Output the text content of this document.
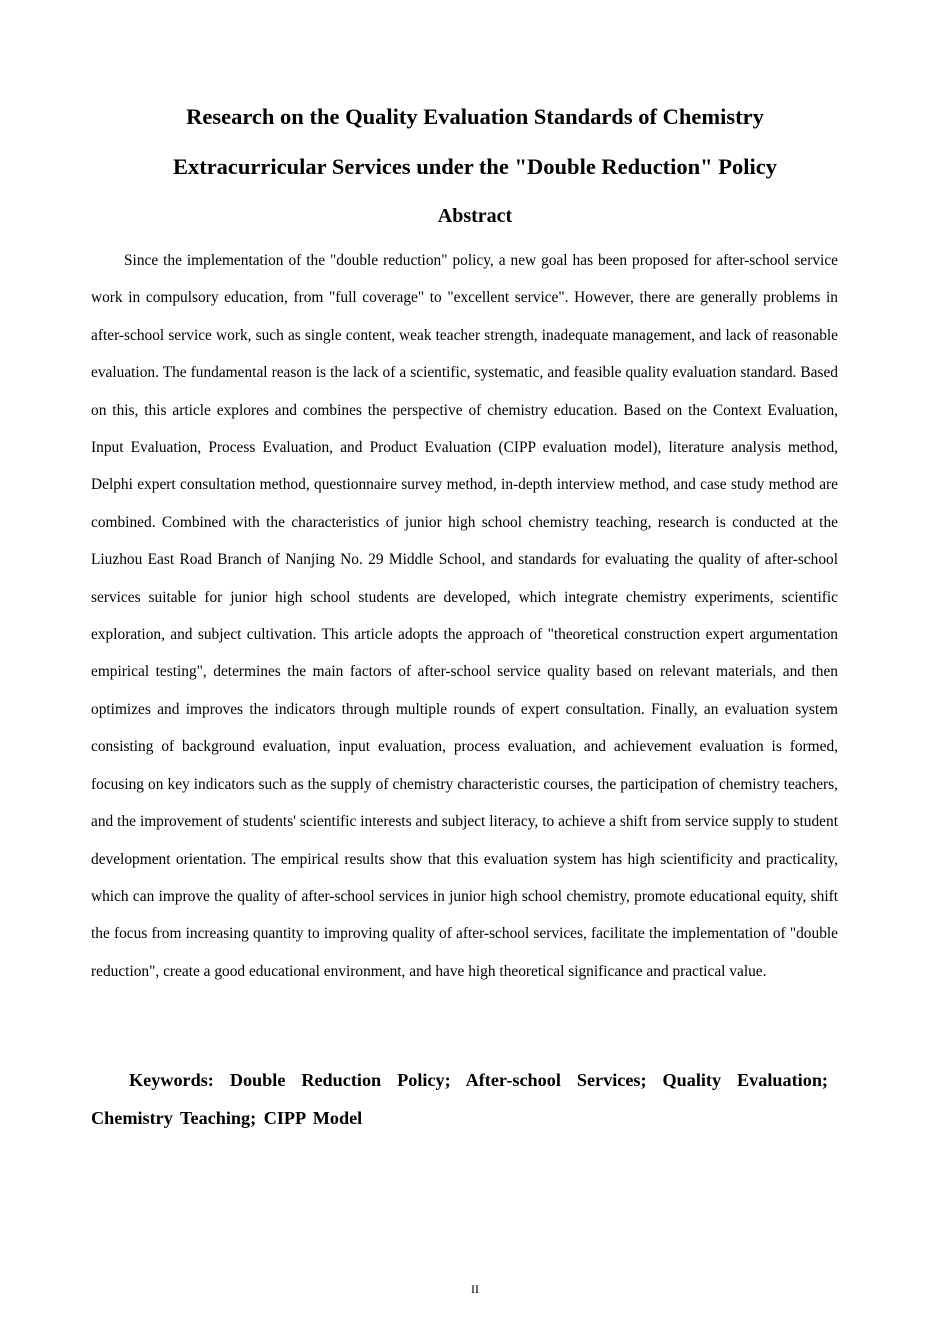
Research on the Quality Evaluation Standards of Chemistry
Extracurricular Services under the "Double Reduction" Policy
Abstract

Since the implementation of the "double reduction" policy, a new goal has been proposed for after-school service work in compulsory education, from "full coverage" to "excellent service". However, there are generally problems in after-school service work, such as single content, weak teacher strength, inadequate management, and lack of reasonable evaluation. The fundamental reason is the lack of a scientific, systematic, and feasible quality evaluation standard. Based on this, this article explores and combines the perspective of chemistry education. Based on the Context Evaluation, Input Evaluation, Process Evaluation, and Product Evaluation (CIPP evaluation model), literature analysis method, Delphi expert consultation method, questionnaire survey method, in-depth interview method, and case study method are combined. Combined with the characteristics of junior high school chemistry teaching, research is conducted at the Liuzhou East Road Branch of Nanjing No. 29 Middle School, and standards for evaluating the quality of after-school services suitable for junior high school students are developed, which integrate chemistry experiments, scientific exploration, and subject cultivation. This article adopts the approach of "theoretical construction expert argumentation empirical testing", determines the main factors of after-school service quality based on relevant materials, and then optimizes and improves the indicators through multiple rounds of expert consultation. Finally, an evaluation system consisting of background evaluation, input evaluation, process evaluation, and achievement evaluation is formed, focusing on key indicators such as the supply of chemistry characteristic courses, the participation of chemistry teachers, and the improvement of students' scientific interests and subject literacy, to achieve a shift from service supply to student development orientation. The empirical results show that this evaluation system has high scientificity and practicality, which can improve the quality of after-school services in junior high school chemistry, promote educational equity, shift the focus from increasing quantity to improving quality of after-school services, facilitate the implementation of "double reduction", create a good educational environment, and have high theoretical significance and practical value.

Keywords: Double Reduction Policy; After-school Services; Quality Evaluation; Chemistry Teaching; CIPP Model

II
